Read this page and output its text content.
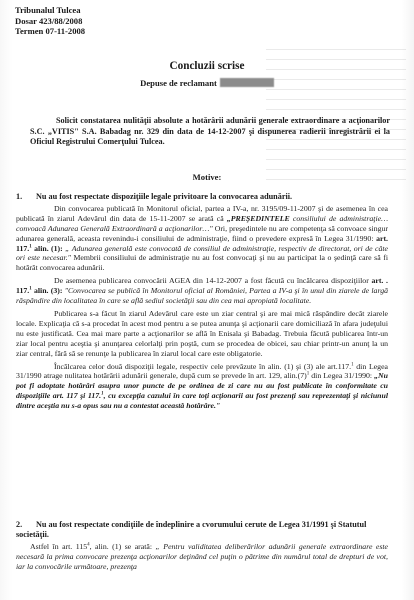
Tribunalul Tulcea
Dosar 423/88/2008
Termen 07-11-2008
Concluzii scrise
Depuse de reclamant
Solicit constatarea nulităţii absolute a hotărârii adunării generale extraordinare a acţionarilor S.C. „VITIS" S.A. Babadag nr. 329 din data de 14-12-2007 şi dispunerea radierii înregistrării ei la Oficiul Registrului Comerţului Tulcea.
Motive:
1. Nu au fost respectate dispoziţiile legale privitoare la convocarea adunării.

Din convocarea publicată în Monitorul oficial, partea a IV-a, nr. 3195/09-11-2007 şi de asemenea în cea publicată în ziarul Adevărul din data de 15-11-2007 se arată că „PREŞEDINTELE consiliului de administraţie… convoacă Adunarea Generală Extraordinară a acţionarilor…" Ori, preşedintele nu are competenţa să convoace singur adunarea generală, aceasta revenindu-i consiliului de administraţie, fiind o prevedere expresă în Legea 31/1990: art. 117.$^1$ alin. (1): „ Adunarea generală este convocată de consiliul de administraţie, respectiv de directorat, ori de câte ori este necesar." Membrii consiliului de administraţie nu au fost convocaţi şi nu au participat la o şedinţă care să fi hotărât convocarea adunării.

De asemenea publicarea convocării AGEA din 14-12-2007 a fost făcută cu încălcarea dispoziţiilor art. . 117.$^1$ alin. (3): "Convocarea se publică în Monitorul oficial al României, Partea a IV-a şi în unul din ziarele de largă răspândire din localitatea în care se află sediul societăţii sau din cea mai apropiată localitate.

Publicarea s-a făcut în ziarul Adevărul care este un ziar central şi are mai mică răspândire decât ziarele locale. Explicaţia că s-a procedat în acest mod pentru a se putea anunţa şi acţionarii care domiciliază în afara judeţului nu este justificată. Cea mai mare parte a acţionarilor se află în Enisala şi Babadag. Trebuia făcută publicarea într-un ziar local pentru aceştia şi anunţarea celorlalţi prin poştă, cum se procedea de obicei, sau chiar printr-un anunţ la un ziar central, fără să se renunţe la publicarea în ziarul local care este obligatorie.

Încălcarea celor două dispoziţii legale, respectiv cele prevăzute în alin. (1) şi (3) ale art.117.$^1$ din Legea 31/1990 atrage nulitatea hotărârii adunării generale, după cum se prevede în art. 129, $alin.(7)^1$ din Legea 31/1990: „Nu pot fi adoptate hotărâri asupra unor puncte de pe ordinea de zi care nu au fost publicate în conformitate cu dispoziţiile art. 117 şi 117.$^1$, cu excepţia cazului în care toţi acţionarii au fost prezenţi sau reprezentaţi şi niciunul dintre aceştia nu s-a opus sau nu a contestat această hotărâre."

2. Nu au fost respectate condiţiile de îndeplinire a cvorumului cerute de Legea 31/1991 şi Statutul societăţii.

Astfel în art. $115^4$, alin. (1) se arată: „ Pentru validitatea deliberărilor adunării generale extraordinare este necesară la prima convocare prezenţa acţionarilor deţinând cel puţin o pătrime din numărul total de drepturi de vot, iar la convocările următoare, prezenţa
